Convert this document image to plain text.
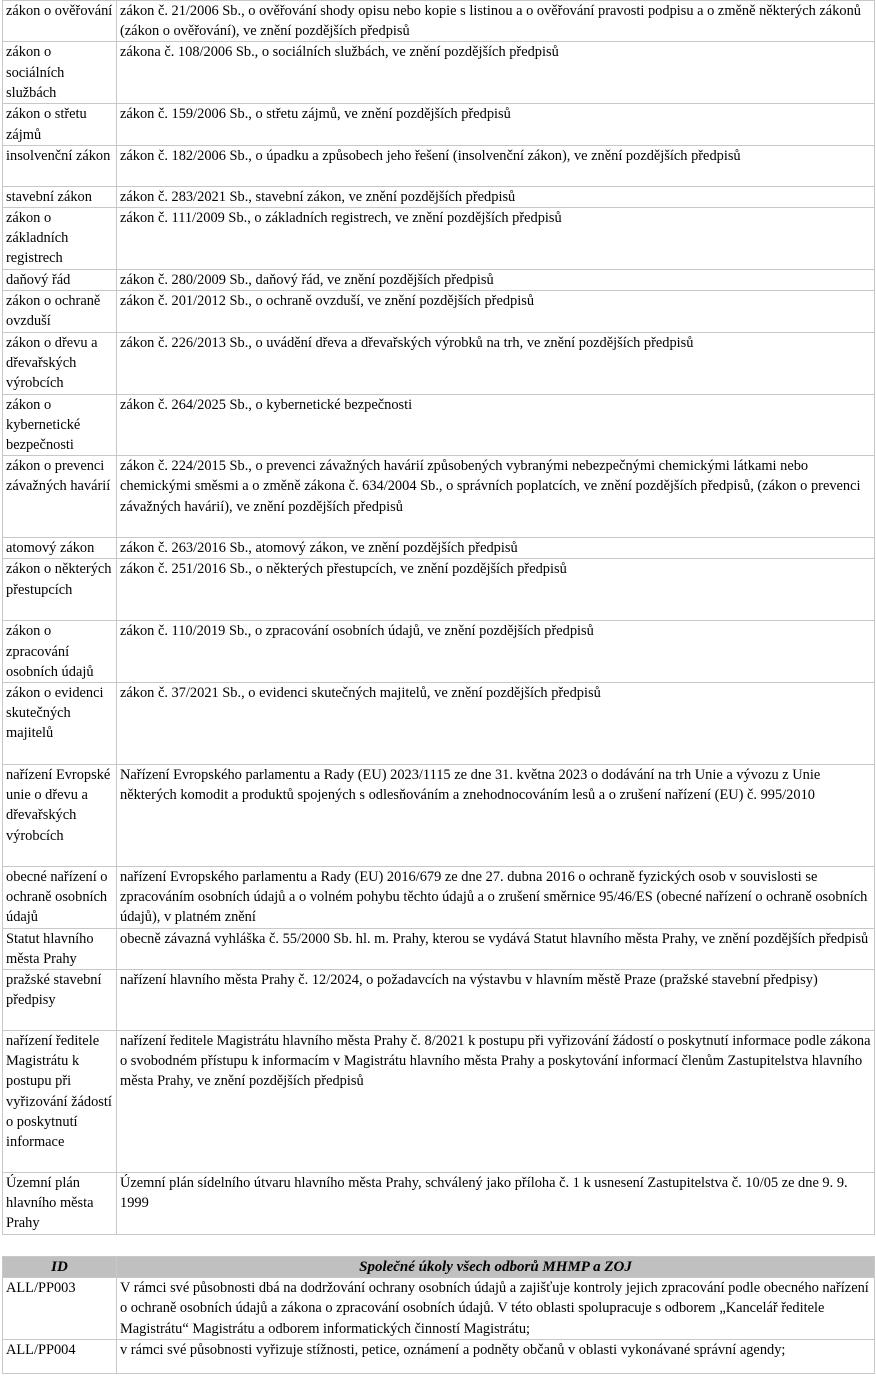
zákon o ověřování	zákon č. 21/2006 Sb., o ověřování shody opisu nebo kopie s listinou a o ověřování pravosti podpisu a o změně některých zákonů (zákon o ověřování), ve znění pozdějších předpisů
zákon o sociálních službách	zákona č. 108/2006 Sb., o sociálních službách, ve znění pozdějších předpisů
zákon o střetu zájmů	zákon č. 159/2006 Sb., o střetu zájmů, ve znění pozdějších předpisů
insolvenční zákon	zákon č. 182/2006 Sb., o úpadku a způsobech jeho řešení (insolvenční zákon), ve znění pozdějších předpisů
stavební zákon	zákon č. 283/2021 Sb., stavební zákon, ve znění pozdějších předpisů
zákon o základních registrech	zákon č. 111/2009 Sb., o základních registrech, ve znění pozdějších předpisů
daňový řád	zákon č. 280/2009 Sb., daňový řád, ve znění pozdějších předpisů
zákon o ochraně ovzduší	zákon č. 201/2012 Sb., o ochraně ovzduší, ve znění pozdějších předpisů
zákon o dřevu a dřevařských výrobcích	zákon č. 226/2013 Sb., o uvádění dřeva a dřevařských výrobků na trh, ve znění pozdějších předpisů
zákon o kybernetické bezpečnosti	zákon č. 264/2025 Sb., o kybernetické bezpečnosti
zákon o prevenci závažných havárií	zákon č. 224/2015 Sb., o prevenci závažných havárií způsobených vybranými nebezpečnými chemickými látkami nebo chemickými směsmi a o změně zákona č. 634/2004 Sb., o správních poplatcích, ve znění pozdějších předpisů, (zákon o prevenci závažných havárií), ve znění pozdějších předpisů
atomový zákon	zákon č. 263/2016 Sb., atomový zákon, ve znění pozdějších předpisů
zákon o některých přestupcích	zákon č. 251/2016 Sb., o některých přestupcích, ve znění pozdějších předpisů
zákon o zpracování osobních údajů	zákon č. 110/2019 Sb., o zpracování osobních údajů, ve znění pozdějších předpisů
zákon o evidenci skutečných majitelů	zákon č. 37/2021 Sb., o evidenci skutečných majitelů, ve znění pozdějších předpisů
nařízení Evropské unie o dřevu a dřevařských výrobcích	Nařízení Evropského parlamentu a Rady (EU) 2023/1115 ze dne 31. května 2023 o dodávání na trh Unie a vývozu z Unie některých komodit a produktů spojených s odlesňováním a znehodnocováním lesů a o zrušení nařízení (EU) č. 995/2010
obecné nařízení o ochraně osobních údajů	nařízení Evropského parlamentu a Rady (EU) 2016/679 ze dne 27. dubna 2016 o ochraně fyzických osob v souvislosti se zpracováním osobních údajů a o volném pohybu těchto údajů a o zrušení směrnice 95/46/ES (obecné nařízení o ochraně osobních údajů), v platném znění
Statut hlavního města Prahy	obecně závazná vyhláška č. 55/2000 Sb. hl. m. Prahy, kterou se vydává Statut hlavního města Prahy, ve znění pozdějších předpisů
pražské stavební předpisy	nařízení hlavního města Prahy č. 12/2024, o požadavcích na výstavbu v hlavním městě Praze (pražské stavební předpisy)
nařízení ředitele Magistrátu k postupu při vyřizování žádostí o poskytnutí informace	nařízení ředitele Magistrátu hlavního města Prahy č. 8/2021 k postupu při vyřizování žádostí o poskytnutí informace podle zákona o svobodném přístupu k informacím v Magistrátu hlavního města Prahy a poskytování informací členům Zastupitelstva hlavního města Prahy, ve znění pozdějších předpisů
Územní plán hlavního města Prahy	Územní plán sídelního útvaru hlavního města Prahy, schválený jako příloha č. 1 k usnesení Zastupitelstva č. 10/05 ze dne 9. 9. 1999
ID	Společné úkoly všech odborů MHMP a ZOJ
ALL/PP003	V rámci své působnosti dbá na dodržování ochrany osobních údajů a zajišťuje kontroly jejich zpracování podle obecného nařízení o ochraně osobních údajů a zákona o zpracování osobních údajů. V této oblasti spolupracuje s odborem „Kancelář ředitele Magistrátu“ Magistrátu a odborem informatických činností Magistrátu;
ALL/PP004	v rámci své působnosti vyřizuje stížnosti, petice, oznámení a podněty občanů v oblasti vykonávané správní agendy;
